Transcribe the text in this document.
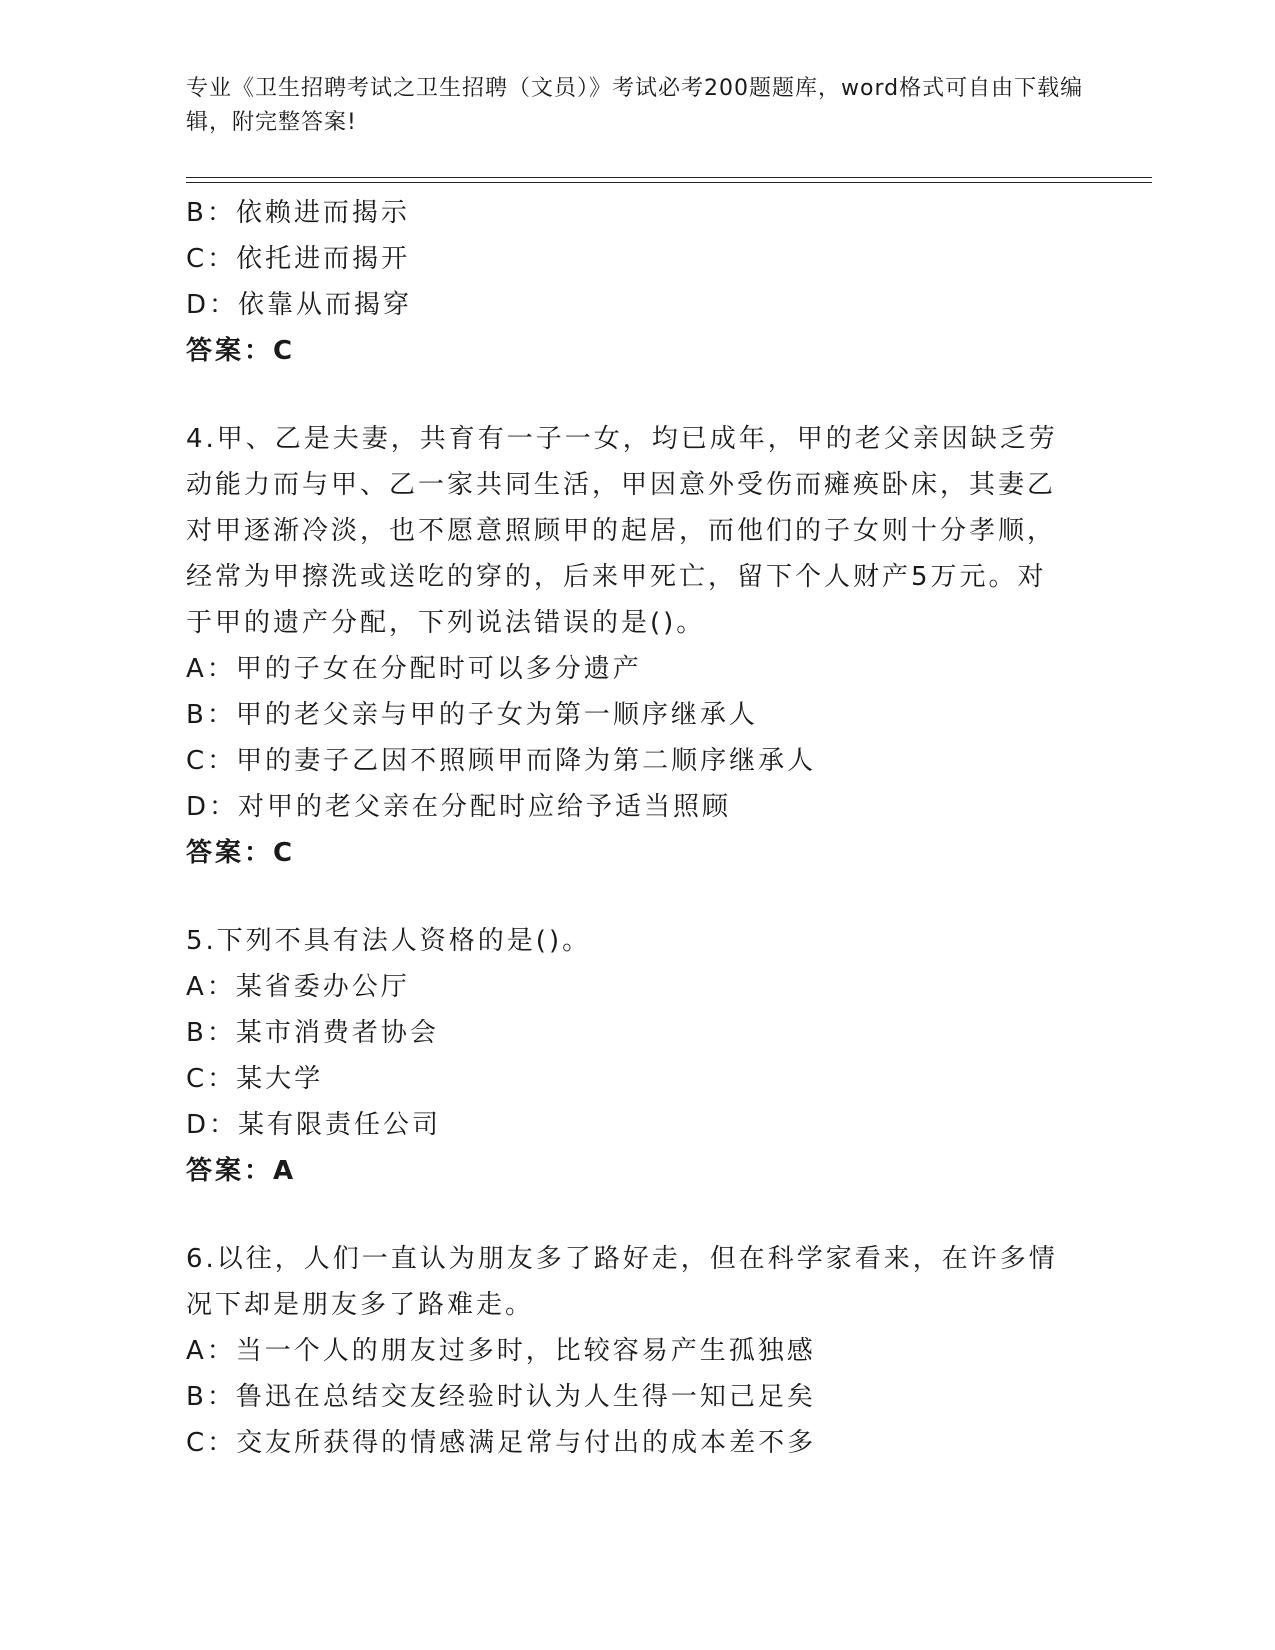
专业《卫生招聘考试之卫生招聘（文员）》考试必考200题题库，word格式可自由下载编辑，附完整答案!
B：依赖进而揭示
C：依托进而揭开
D：依靠从而揭穿
答案：C
4.甲、乙是夫妻，共育有一子一女，均已成年，甲的老父亲因缺乏劳动能力而与甲、乙一家共同生活，甲因意外受伤而瘫痪卧床，其妻乙对甲逐渐冷淡，也不愿意照顾甲的起居，而他们的子女则十分孝顺，经常为甲擦洗或送吃的穿的，后来甲死亡，留下个人财产5万元。对于甲的遗产分配，下列说法错误的是()。
A：甲的子女在分配时可以多分遗产
B：甲的老父亲与甲的子女为第一顺序继承人
C：甲的妻子乙因不照顾甲而降为第二顺序继承人
D：对甲的老父亲在分配时应给予适当照顾
答案：C
5.下列不具有法人资格的是()。
A：某省委办公厅
B：某市消费者协会
C：某大学
D：某有限责任公司
答案：A
6.以往，人们一直认为朋友多了路好走，但在科学家看来，在许多情况下却是朋友多了路难走。
A：当一个人的朋友过多时，比较容易产生孤独感
B：鲁迅在总结交友经验时认为人生得一知己足矣
C：交友所获得的情感满足常与付出的成本差不多
